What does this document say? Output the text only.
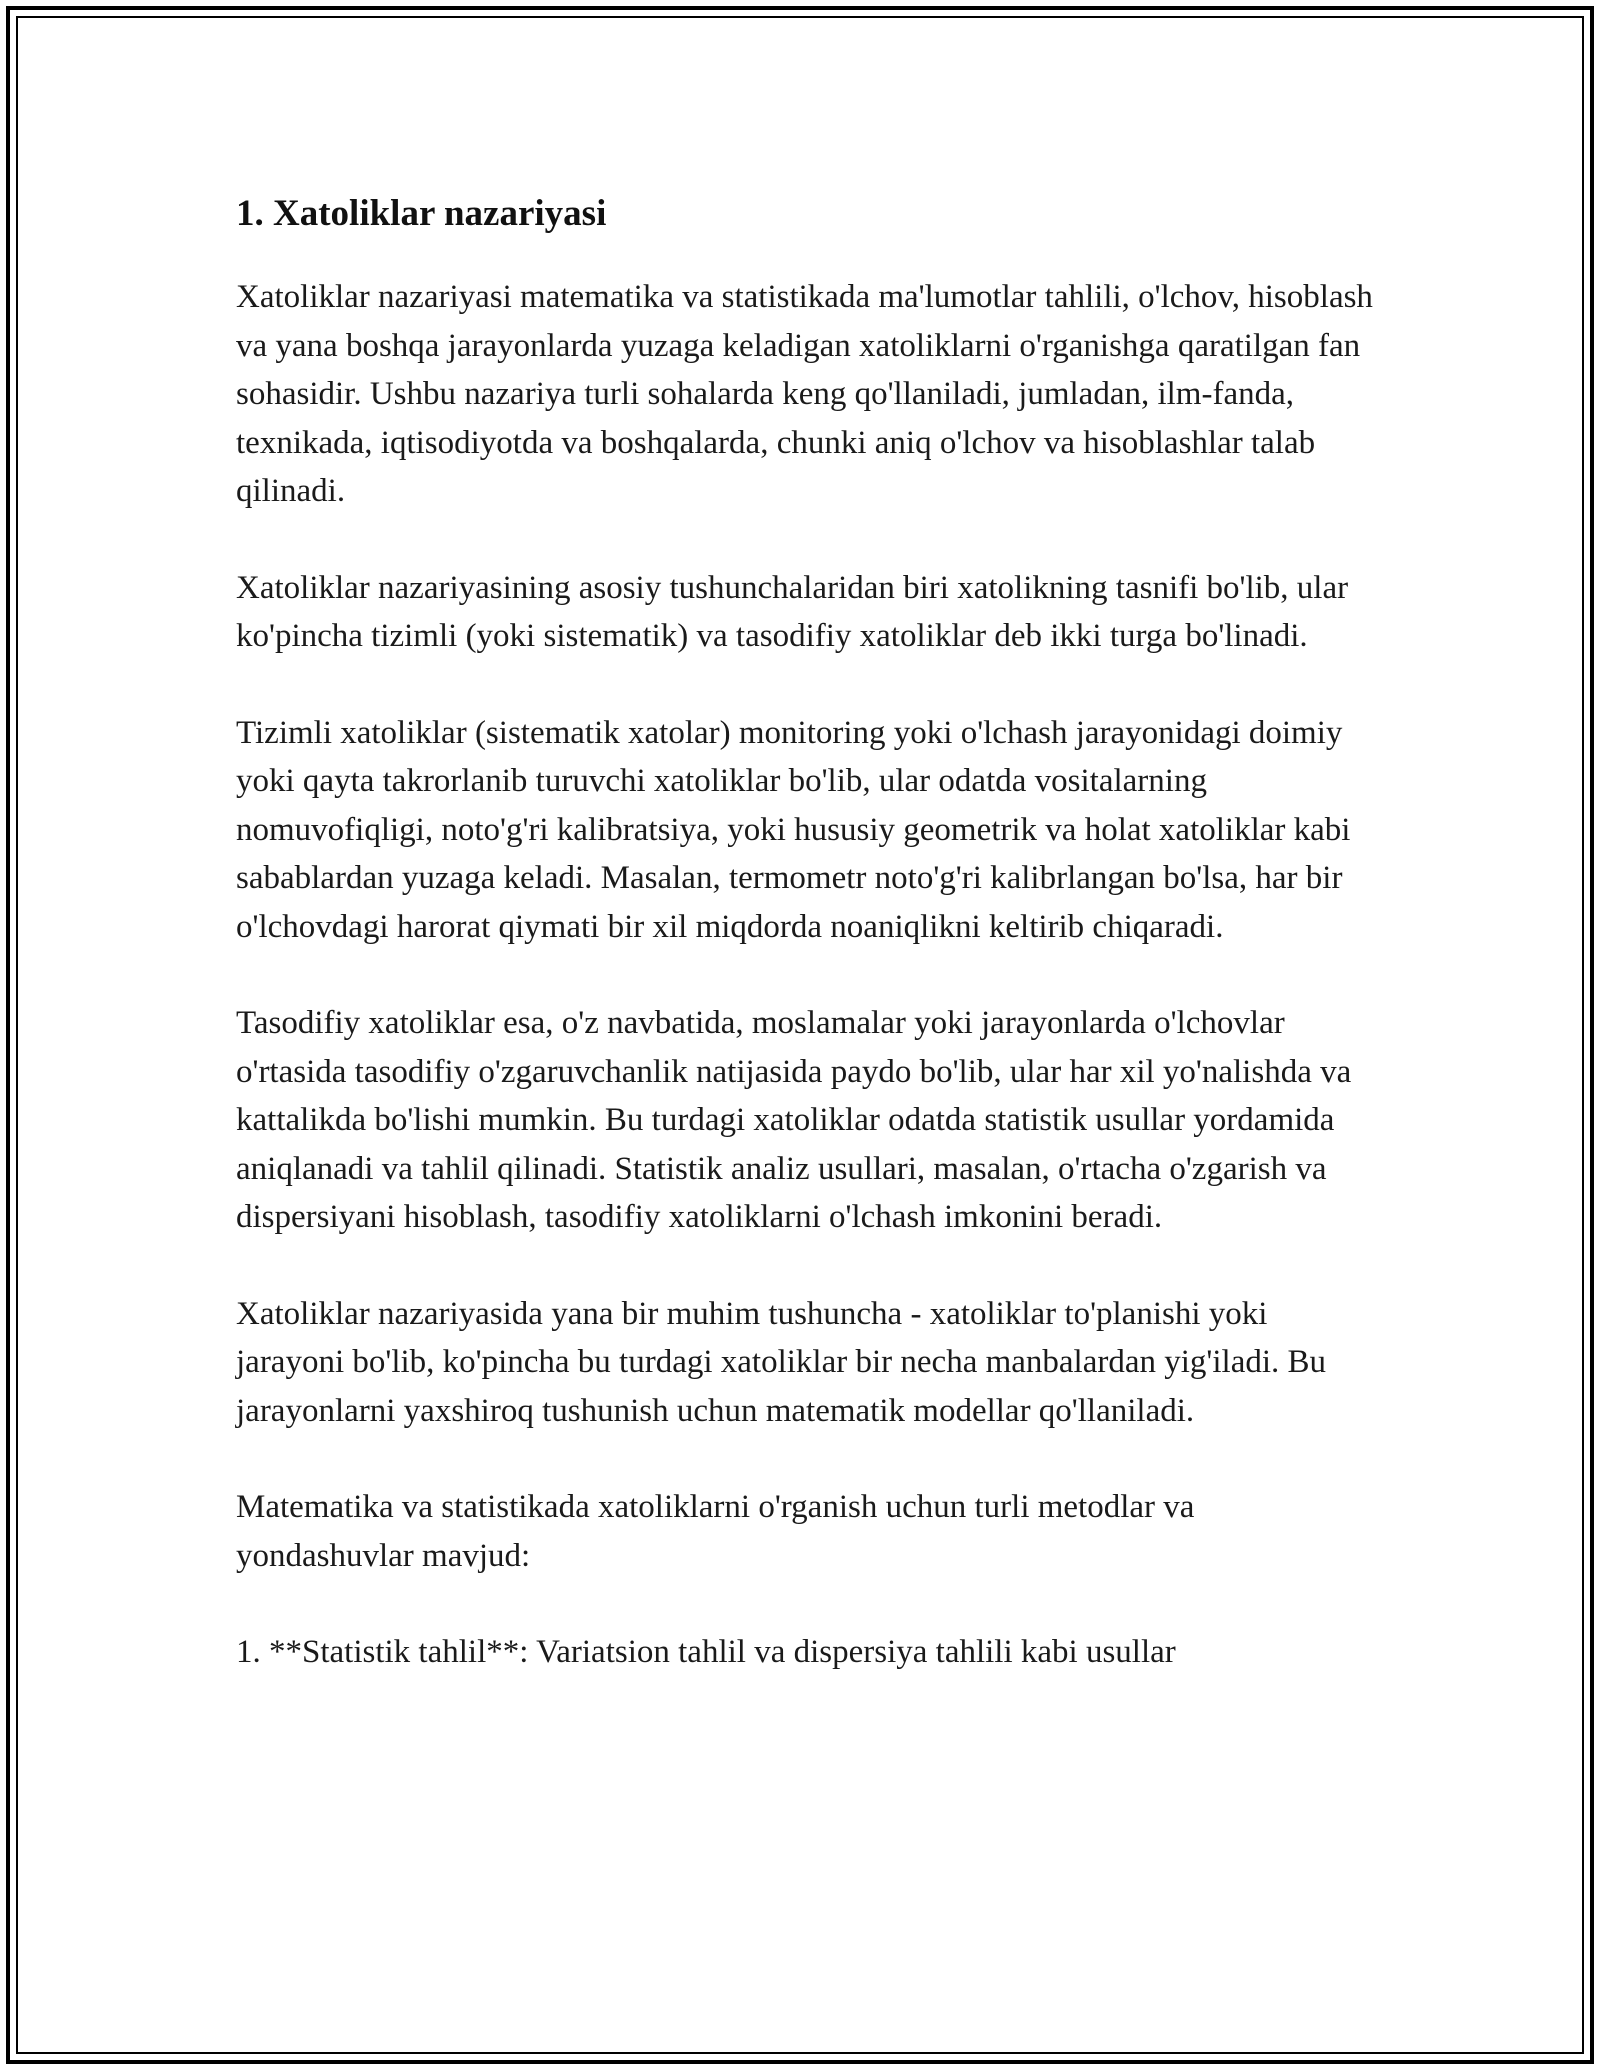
1. Xatoliklar nazariyasi

Xatoliklar nazariyasi matematika va statistikada ma'lumotlar tahlili, o'lchov, hisoblash va yana boshqa jarayonlarda yuzaga keladigan xatoliklarni o'rganishga qaratilgan fan sohasidir. Ushbu nazariya turli sohalarda keng qo'llaniladi, jumladan, ilm-fanda, texnikada, iqtisodiyotda va boshqalarda, chunki aniq o'lchov va hisoblashlar talab qilinadi.

Xatoliklar nazariyasining asosiy tushunchalaridan biri xatolikning tasnifi bo'lib, ular ko'pincha tizimli (yoki sistematik) va tasodifiy xatoliklar deb ikki turga bo'linadi.

Tizimli xatoliklar (sistematik xatolar) monitoring yoki o'lchash jarayonidagi doimiy yoki qayta takrorlanib turuvchi xatoliklar bo'lib, ular odatda vositalarning nomuvofiqligi, noto'g'ri kalibratsiya, yoki hususiy geometrik va holat xatoliklar kabi sabablardan yuzaga keladi. Masalan, termometr noto'g'ri kalibrlangan bo'lsa, har bir o'lchovdagi harorat qiymati bir xil miqdorda noaniqlikni keltirib chiqaradi.

Tasodifiy xatoliklar esa, o'z navbatida, moslamalar yoki jarayonlarda o'lchovlar o'rtasida tasodifiy o'zgaruvchanlik natijasida paydo bo'lib, ular har xil yo'nalishda va kattalikda bo'lishi mumkin. Bu turdagi xatoliklar odatda statistik usullar yordamida aniqlanadi va tahlil qilinadi. Statistik analiz usullari, masalan, o'rtacha o'zgarish va dispersiyani hisoblash, tasodifiy xatoliklarni o'lchash imkonini beradi.

Xatoliklar nazariyasida yana bir muhim tushuncha - xatoliklar to'planishi yoki jarayoni bo'lib, ko'pincha bu turdagi xatoliklar bir necha manbalardan yig'iladi. Bu jarayonlarni yaxshiroq tushunish uchun matematik modellar qo'llaniladi.

Matematika va statistikada xatoliklarni o'rganish uchun turli metodlar va yondashuvlar mavjud:

1. **Statistik tahlil**: Variatsion tahlil va dispersiya tahlili kabi usullar
